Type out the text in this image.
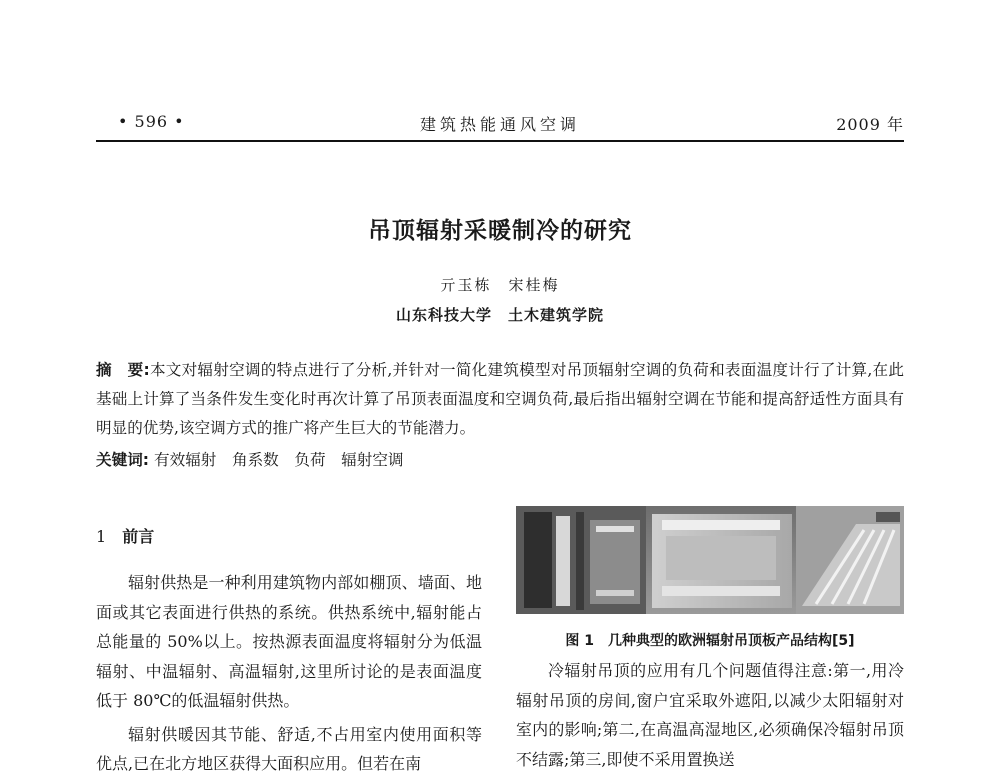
• 596 •	建筑热能通风空调	2009 年
吊顶辐射采暖制冷的研究
亓玉栋　宋桂梅
山东科技大学　土木建筑学院
摘　要:本文对辐射空调的特点进行了分析,并针对一简化建筑模型对吊顶辐射空调的负荷和表面温度计行了计算,在此基础上计算了当条件发生变化时再次计算了吊顶表面温度和空调负荷,最后指出辐射空调在节能和提高舒适性方面具有明显的优势,该空调方式的推广将产生巨大的节能潜力。
关键词: 有效辐射　角系数　负荷　辐射空调
1 前言

辐射供热是一种利用建筑物内部如棚顶、墙面、地面或其它表面进行供热的系统。供热系统中,辐射能占总能量的 50%以上。按热源表面温度将辐射分为低温辐射、中温辐射、高温辐射,这里所讨论的是表面温度低于 80℃的低温辐射供热。

辐射供暖因其节能、舒适,不占用室内使用面积等优点,已在北方地区获得大面积应用。但若在南

图 1　几种典型的欧洲辐射吊顶板产品结构[5]

冷辐射吊顶的应用有几个问题值得注意:第一,用冷辐射吊顶的房间,窗户宜采取外遮阳,以减少太阳辐射对室内的影响;第二,在高温高湿地区,必须确保冷辐射吊顶不结露;第三,即使不采用置换送
